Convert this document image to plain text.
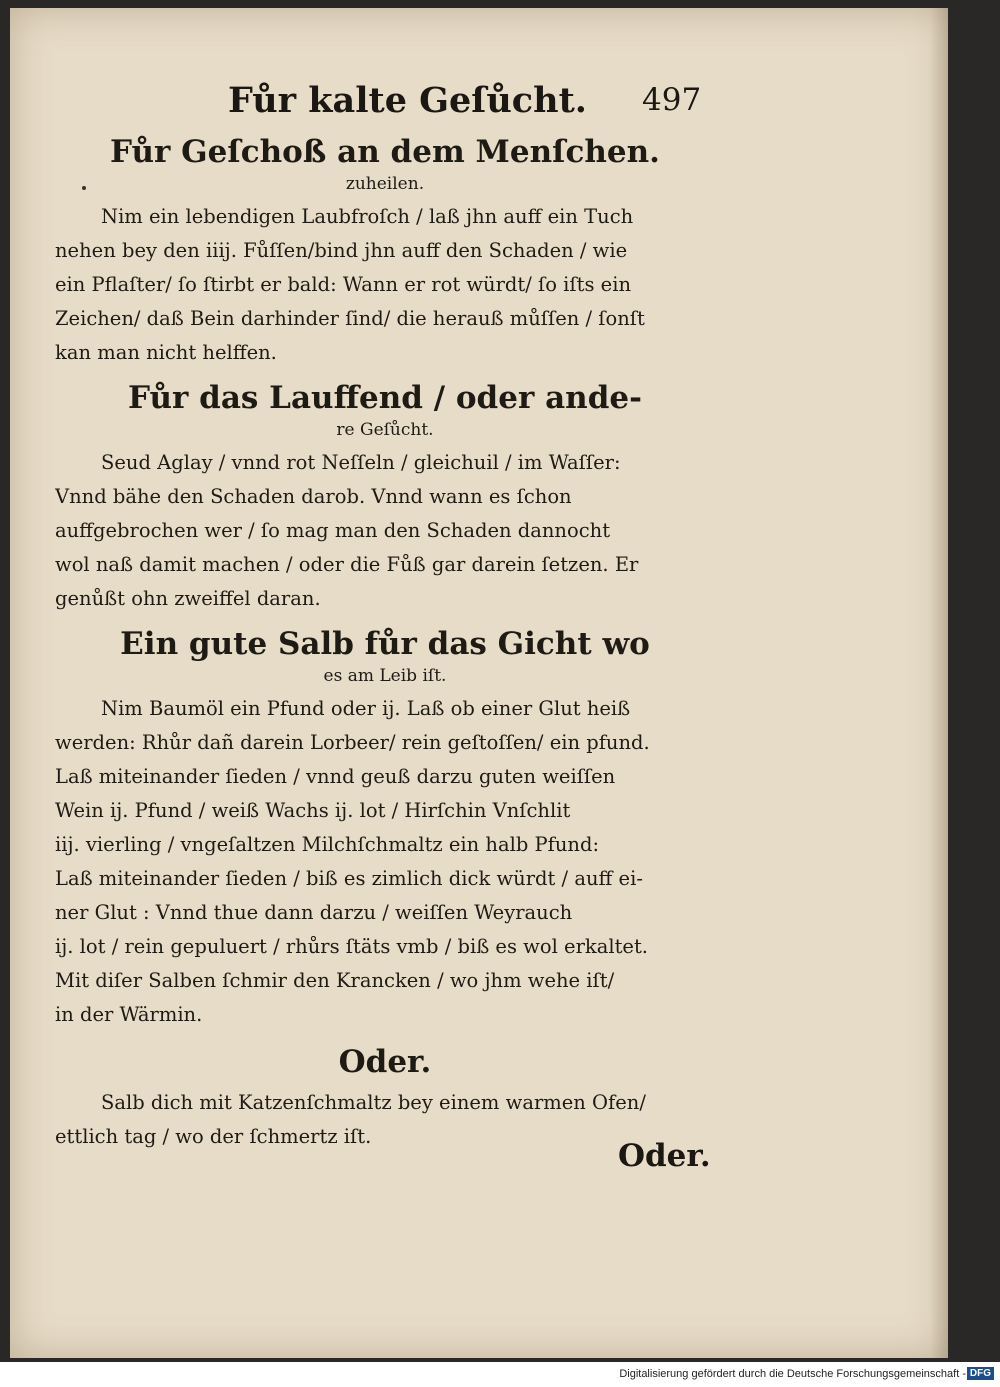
Fůr kalte Geſůcht. 497
Fůr Geſchoß an dem Menſchen.
zuheilen.
Nim ein lebendigen Laubfroſch / laß jhn auff ein Tuch
nehen bey den iiij. Fůſſen/bind jhn auff den Schaden / wie
ein Pflaſter/ ſo ſtirbt er bald: Wann er rot würdt/ ſo iſts ein
Zeichen/ daß Bein darhinder ſind/ die herauß můſſen / ſonſt
kan man nicht helffen.
Fůr das Lauffend / oder ande-
re Geſůcht.
Seud Aglay / vnnd rot Neſſeln / gleichuil / im Waſſer:
Vnnd bähe den Schaden darob. Vnnd wann es ſchon
auffgebrochen wer / ſo mag man den Schaden dannocht
wol naß damit machen / oder die Fůß gar darein ſetzen. Er
genůßt ohn zweiffel daran.
Ein gute Salb fůr das Gicht wo
es am Leib iſt.
Nim Baumöl ein Pfund oder ij. Laß ob einer Glut heiß
werden: Rhůr dañ darein Lorbeer/ rein geſtoſſen/ ein pfund.
Laß miteinander ſieden / vnnd geuß darzu guten weiſſen
Wein ij. Pfund / weiß Wachs ij. lot / Hirſchin Vnſchlit
iij. vierling / vngeſaltzen Milchſchmaltz ein halb Pfund:
Laß miteinander ſieden / biß es zimlich dick würdt / auff ei-
ner Glut : Vnnd thue dann darzu / weiſſen Weyrauch
ij. lot / rein gepuluert / rhůrs ſtäts vmb / biß es wol erkaltet.
Mit diſer Salben ſchmir den Krancken / wo jhm wehe iſt/
in der Wärmin.
Oder.
Salb dich mit Katzenſchmaltz bey einem warmen Ofen/
ettlich tag / wo der ſchmertz iſt.
Oder.
Digitalisierung gefördert durch die Deutsche Forschungsgemeinschaft - DFG
